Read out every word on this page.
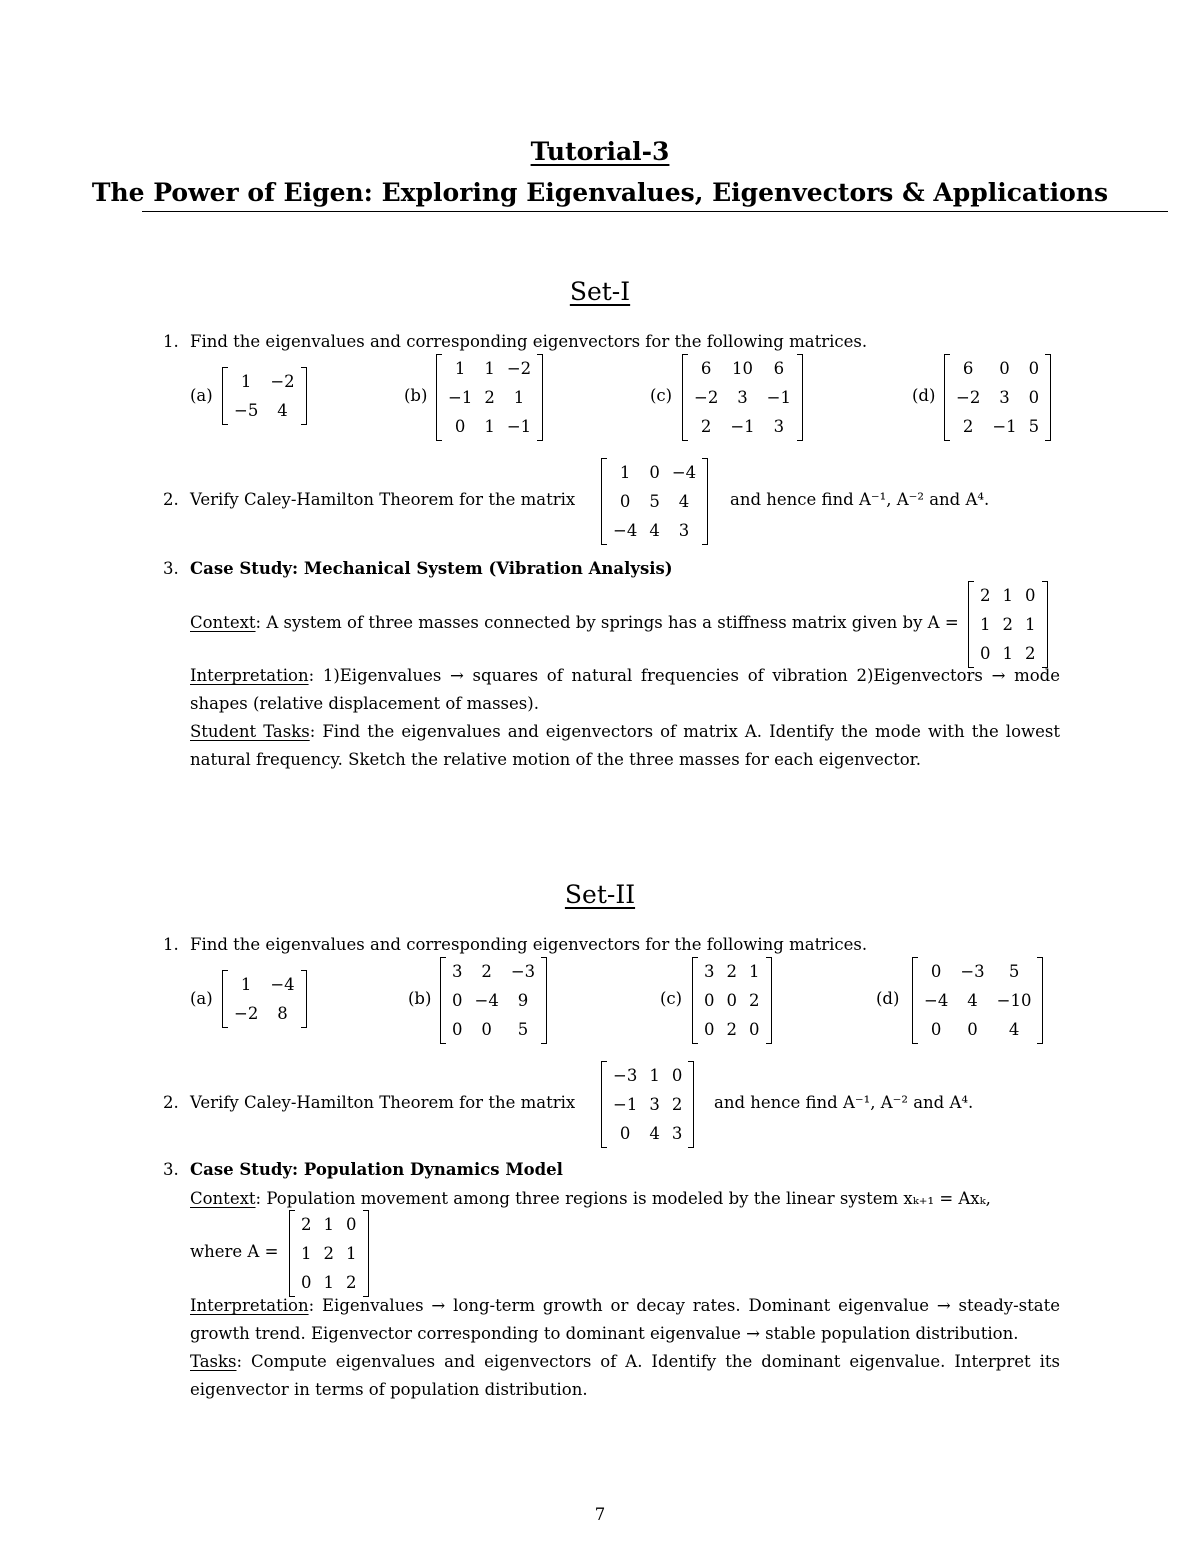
Tutorial-3
The Power of Eigen: Exploring Eigenvalues, Eigenvectors & Applications
Set-I
1. Find the eigenvalues and corresponding eigenvectors for the following matrices.
(a)
1	−2
−5	4
(b)
1	1	−2
−1	2	1
0	1	−1
(c)
6	10	6
−2	3	−1
2	−1	3
(d)
6	0	0
−2	3	0
2	−1	5
2. Verify Caley-Hamilton Theorem for the matrix
1	0	−4
0	5	4
−4	4	3
and hence find A⁻¹, A⁻² and A⁴.
3. Case Study: Mechanical System (Vibration Analysis)
Context: A system of three masses connected by springs has a stiffness matrix given by A =
2	1	0
1	2	1
0	1	2
Interpretation: 1)Eigenvalues → squares of natural frequencies of vibration 2)Eigenvectors → mode shapes (relative displacement of masses).
Student Tasks: Find the eigenvalues and eigenvectors of matrix A. Identify the mode with the lowest natural frequency. Sketch the relative motion of the three masses for each eigenvector.
Set-II
1. Find the eigenvalues and corresponding eigenvectors for the following matrices.
(a)
1	−4
−2	8
(b)
3	2	−3
0	−4	9
0	0	5
(c)
3	2	1
0	0	2
0	2	0
(d)
0	−3	5
−4	4	−10
0	0	4
2. Verify Caley-Hamilton Theorem for the matrix
−3	1	0
−1	3	2
0	4	3
and hence find A⁻¹, A⁻² and A⁴.
3. Case Study: Population Dynamics Model
Context: Population movement among three regions is modeled by the linear system xₖ₊₁ = Axₖ,
where A =
2	1	0
1	2	1
0	1	2
Interpretation: Eigenvalues → long-term growth or decay rates. Dominant eigenvalue → steady-state growth trend. Eigenvector corresponding to dominant eigenvalue → stable population distribution.
Tasks: Compute eigenvalues and eigenvectors of A. Identify the dominant eigenvalue. Interpret its eigenvector in terms of population distribution.
7
